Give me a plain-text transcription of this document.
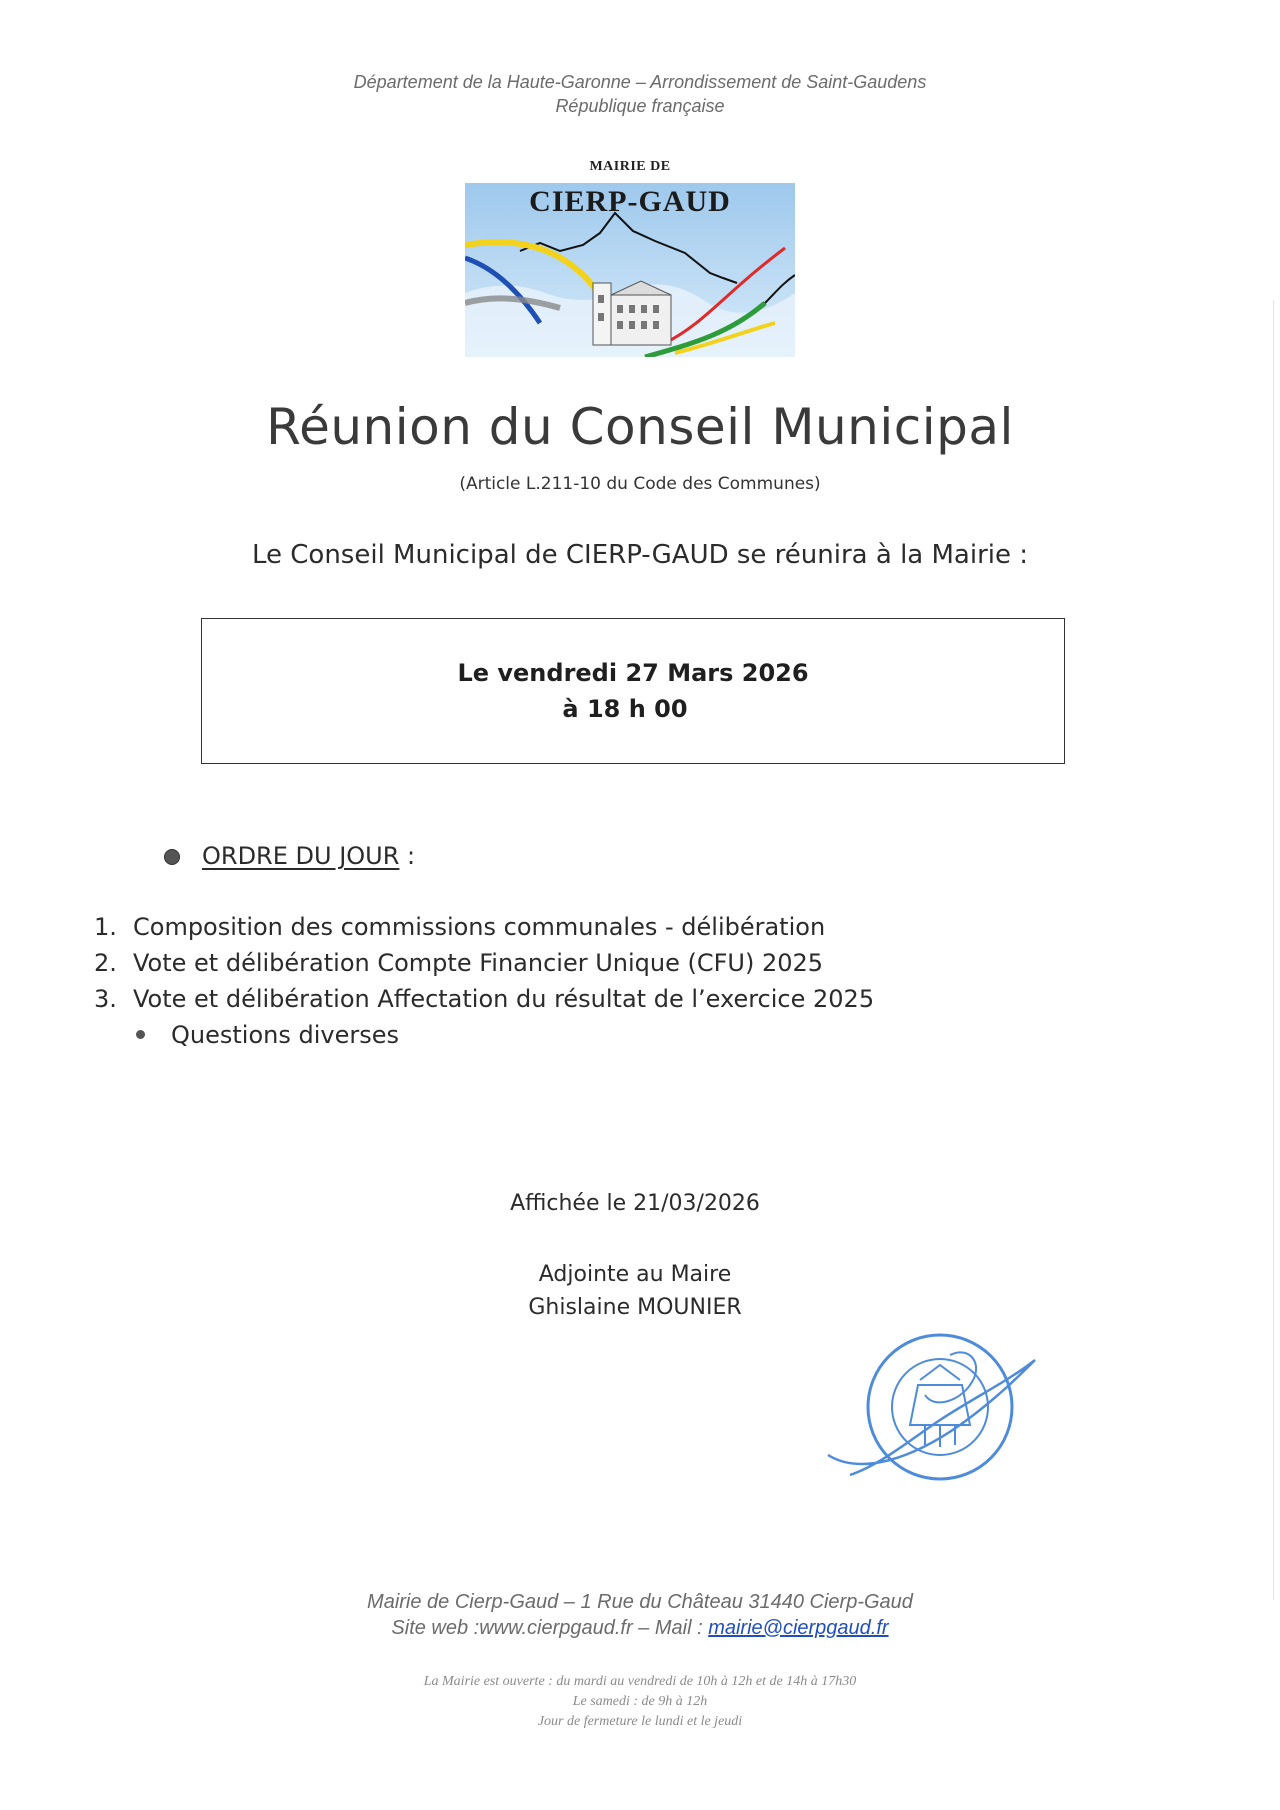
Département de la Haute-Garonne – Arrondissement de Saint-Gaudens
République française
MAIRIE DE
CIERP-GAUD
Réunion du Conseil Municipal
(Article L.211-10 du Code des Communes)
Le Conseil Municipal de CIERP-GAUD se réunira à la Mairie :
Le vendredi 27 Mars 2026
à 18 h 00
ORDRE DU JOUR :
1. Composition des commissions communales - délibération
2. Vote et délibération Compte Financier Unique (CFU) 2025
3. Vote et délibération Affectation du résultat de l’exercice 2025
Questions diverses
Affichée le 21/03/2026
Adjointe au Maire
Ghislaine MOUNIER
Mairie de Cierp-Gaud – 1 Rue du Château 31440 Cierp-Gaud
Site web :www.cierpgaud.fr – Mail : mairie@cierpgaud.fr
La Mairie est ouverte : du mardi au vendredi de 10h à 12h et de 14h à 17h30
Le samedi : de 9h à 12h
Jour de fermeture le lundi et le jeudi
